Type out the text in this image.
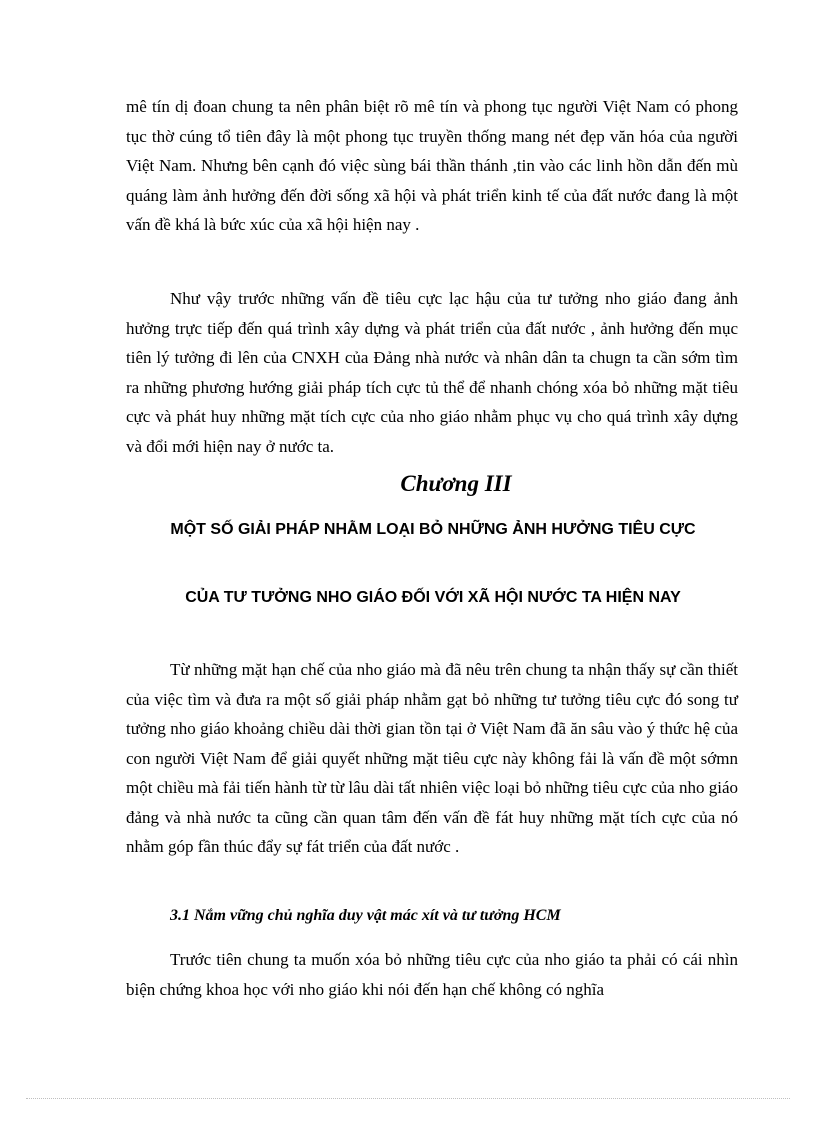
mê tín dị đoan chung ta nên phân biệt rõ mê tín và phong tục người Việt Nam có phong tục thờ cúng tổ tiên đây là một phong tục truyền thống mang nét đẹp văn hóa của người Việt Nam. Nhưng bên cạnh đó việc sùng bái thần thánh ,tin vào các linh hồn dẫn đến mù quáng làm ảnh hưởng đến đời sống xã hội và phát triển kinh tế của đất nước đang là một vấn đề khá là bức xúc của xã hội hiện nay .

Như vậy trước những vấn đề tiêu cực lạc hậu của tư tưởng nho giáo đang ảnh hưởng trực tiếp đến quá trình xây dựng và phát triển của đất nước , ảnh hưởng đến mục tiên lý tưởng đi lên của CNXH của Đảng nhà nước và nhân dân ta chugn ta cần sớm tìm ra những phương hướng giải pháp tích cực tủ thể để nhanh chóng xóa bỏ những mặt tiêu cực và phát huy những mặt tích cực của nho giáo nhằm phục vụ cho quá trình xây dựng và đổi mới hiện nay ở nước ta.

Chương III
MỘT SỐ GIẢI PHÁP NHẰM LOẠI BỎ NHỮNG ẢNH HƯỞNG TIÊU CỰC
CỦA TƯ TƯỞNG NHO GIÁO ĐỐI VỚI XÃ HỘI NƯỚC TA HIỆN NAY

Từ những mặt hạn chế của nho giáo mà đã nêu trên chung ta nhận thấy sự cần thiết của việc tìm và đưa ra một số giải pháp nhằm gạt bỏ những tư tưởng tiêu cực đó song tư tưởng nho giáo khoảng chiều dài thời gian tồn tại ở Việt Nam đã ăn sâu vào ý thức hệ của con người Việt Nam để giải quyết những mặt tiêu cực này không fải là vấn đề một sớmn một chiều mà fải tiến hành từ từ lâu dài tất nhiên việc loại bỏ những tiêu cực của nho giáo đảng và nhà nước ta cũng cần quan tâm đến vấn đề fát huy những mặt tích cực của nó nhằm góp fần thúc đẩy sự fát triển của đất nước .

3.1 Nắm vững chủ nghĩa duy vật mác xít và tư tưởng HCM

Trước tiên chung ta muốn xóa bỏ những tiêu cực của nho giáo ta phải có cái nhìn biện chứng khoa học với nho giáo khi nói đến hạn chế không có nghĩa
